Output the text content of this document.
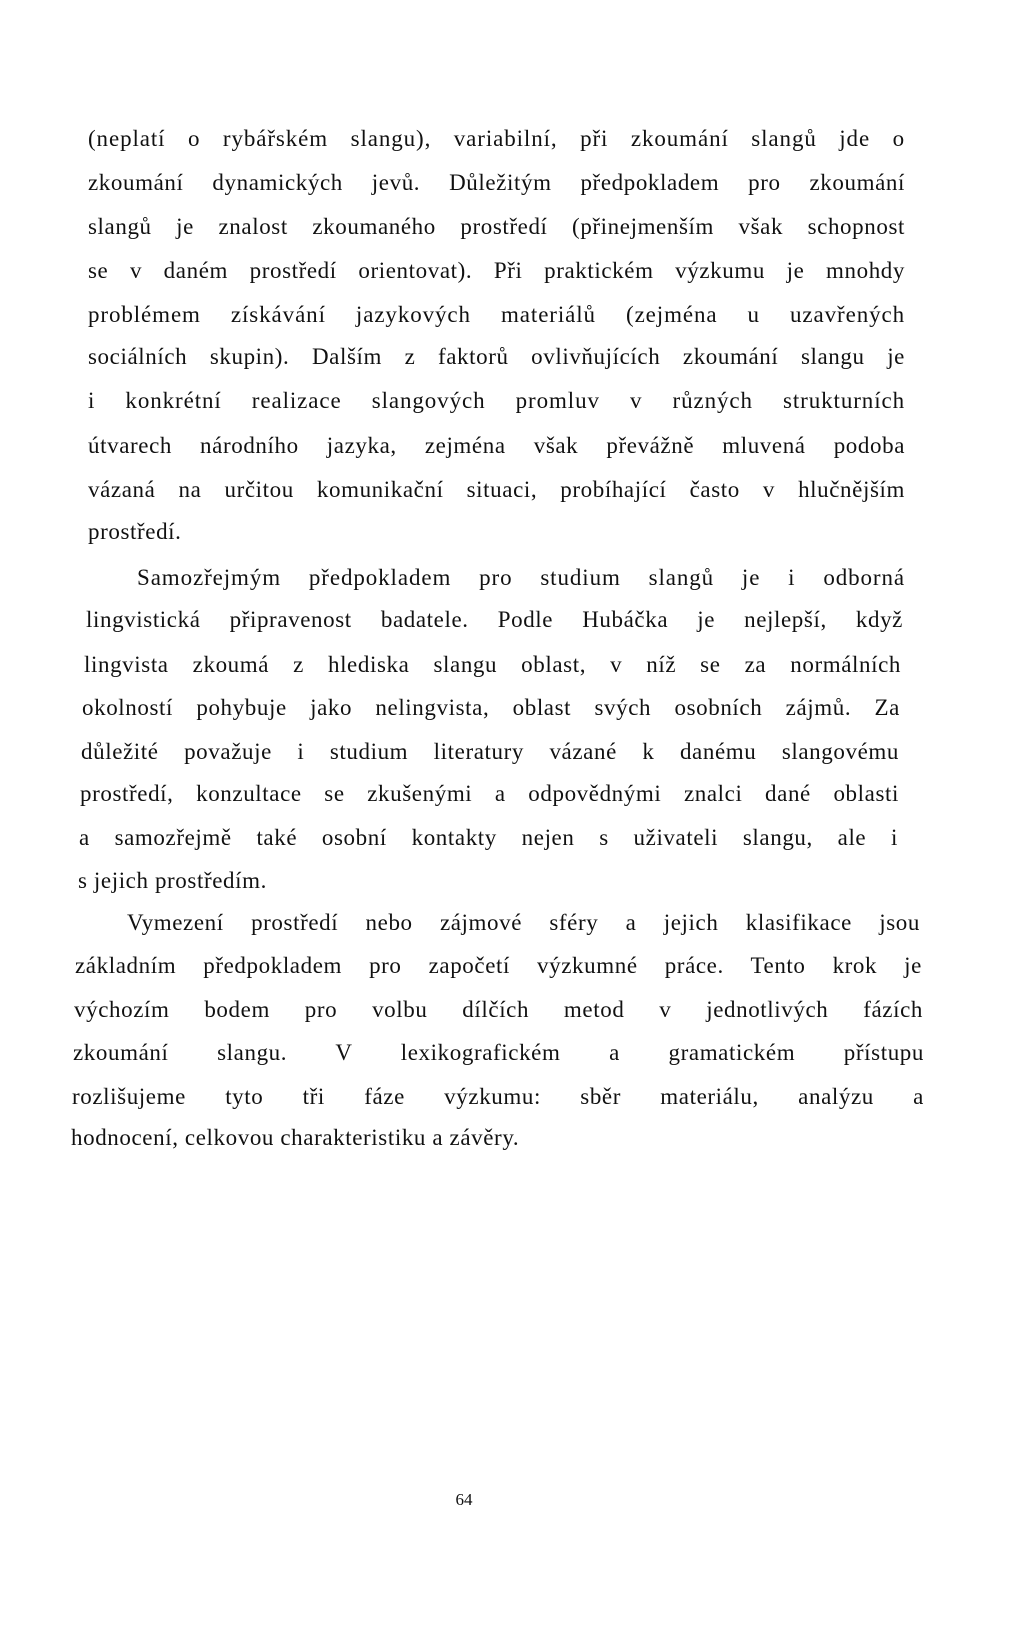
(neplatí o rybářském slangu), variabilní, při zkoumání slangů jde o
zkoumání dynamických jevů. Důležitým předpokladem pro zkoumání
slangů je znalost zkoumaného prostředí (přinejmenším však schopnost
se v daném prostředí orientovat). Při praktickém výzkumu je mnohdy
problémem získávání jazykových materiálů (zejména u uzavřených
sociálních skupin). Dalším z faktorů ovlivňujících zkoumání slangu je
i konkrétní realizace slangových promluv v různých strukturních
útvarech národního jazyka, zejména však převážně mluvená podoba
vázaná na určitou komunikační situaci, probíhající často v hlučnějším
prostředí.
Samozřejmým předpokladem pro studium slangů je i odborná
lingvistická připravenost badatele. Podle Hubáčka je nejlepší, když
lingvista zkoumá z hlediska slangu oblast, v níž se za normálních
okolností pohybuje jako nelingvista, oblast svých osobních zájmů. Za
důležité považuje i studium literatury vázané k danému slangovému
prostředí, konzultace se zkušenými a odpovědnými znalci dané oblasti
a samozřejmě také osobní kontakty nejen s uživateli slangu, ale i
s jejich prostředím.
Vymezení prostředí nebo zájmové sféry a jejich klasifikace jsou
základním předpokladem pro započetí výzkumné práce. Tento krok je
výchozím bodem pro volbu dílčích metod v jednotlivých fázích
zkoumání slangu. V lexikografickém a gramatickém přístupu
rozlišujeme tyto tři fáze výzkumu: sběr materiálu, analýzu a
hodnocení, celkovou charakteristiku a závěry.
64
